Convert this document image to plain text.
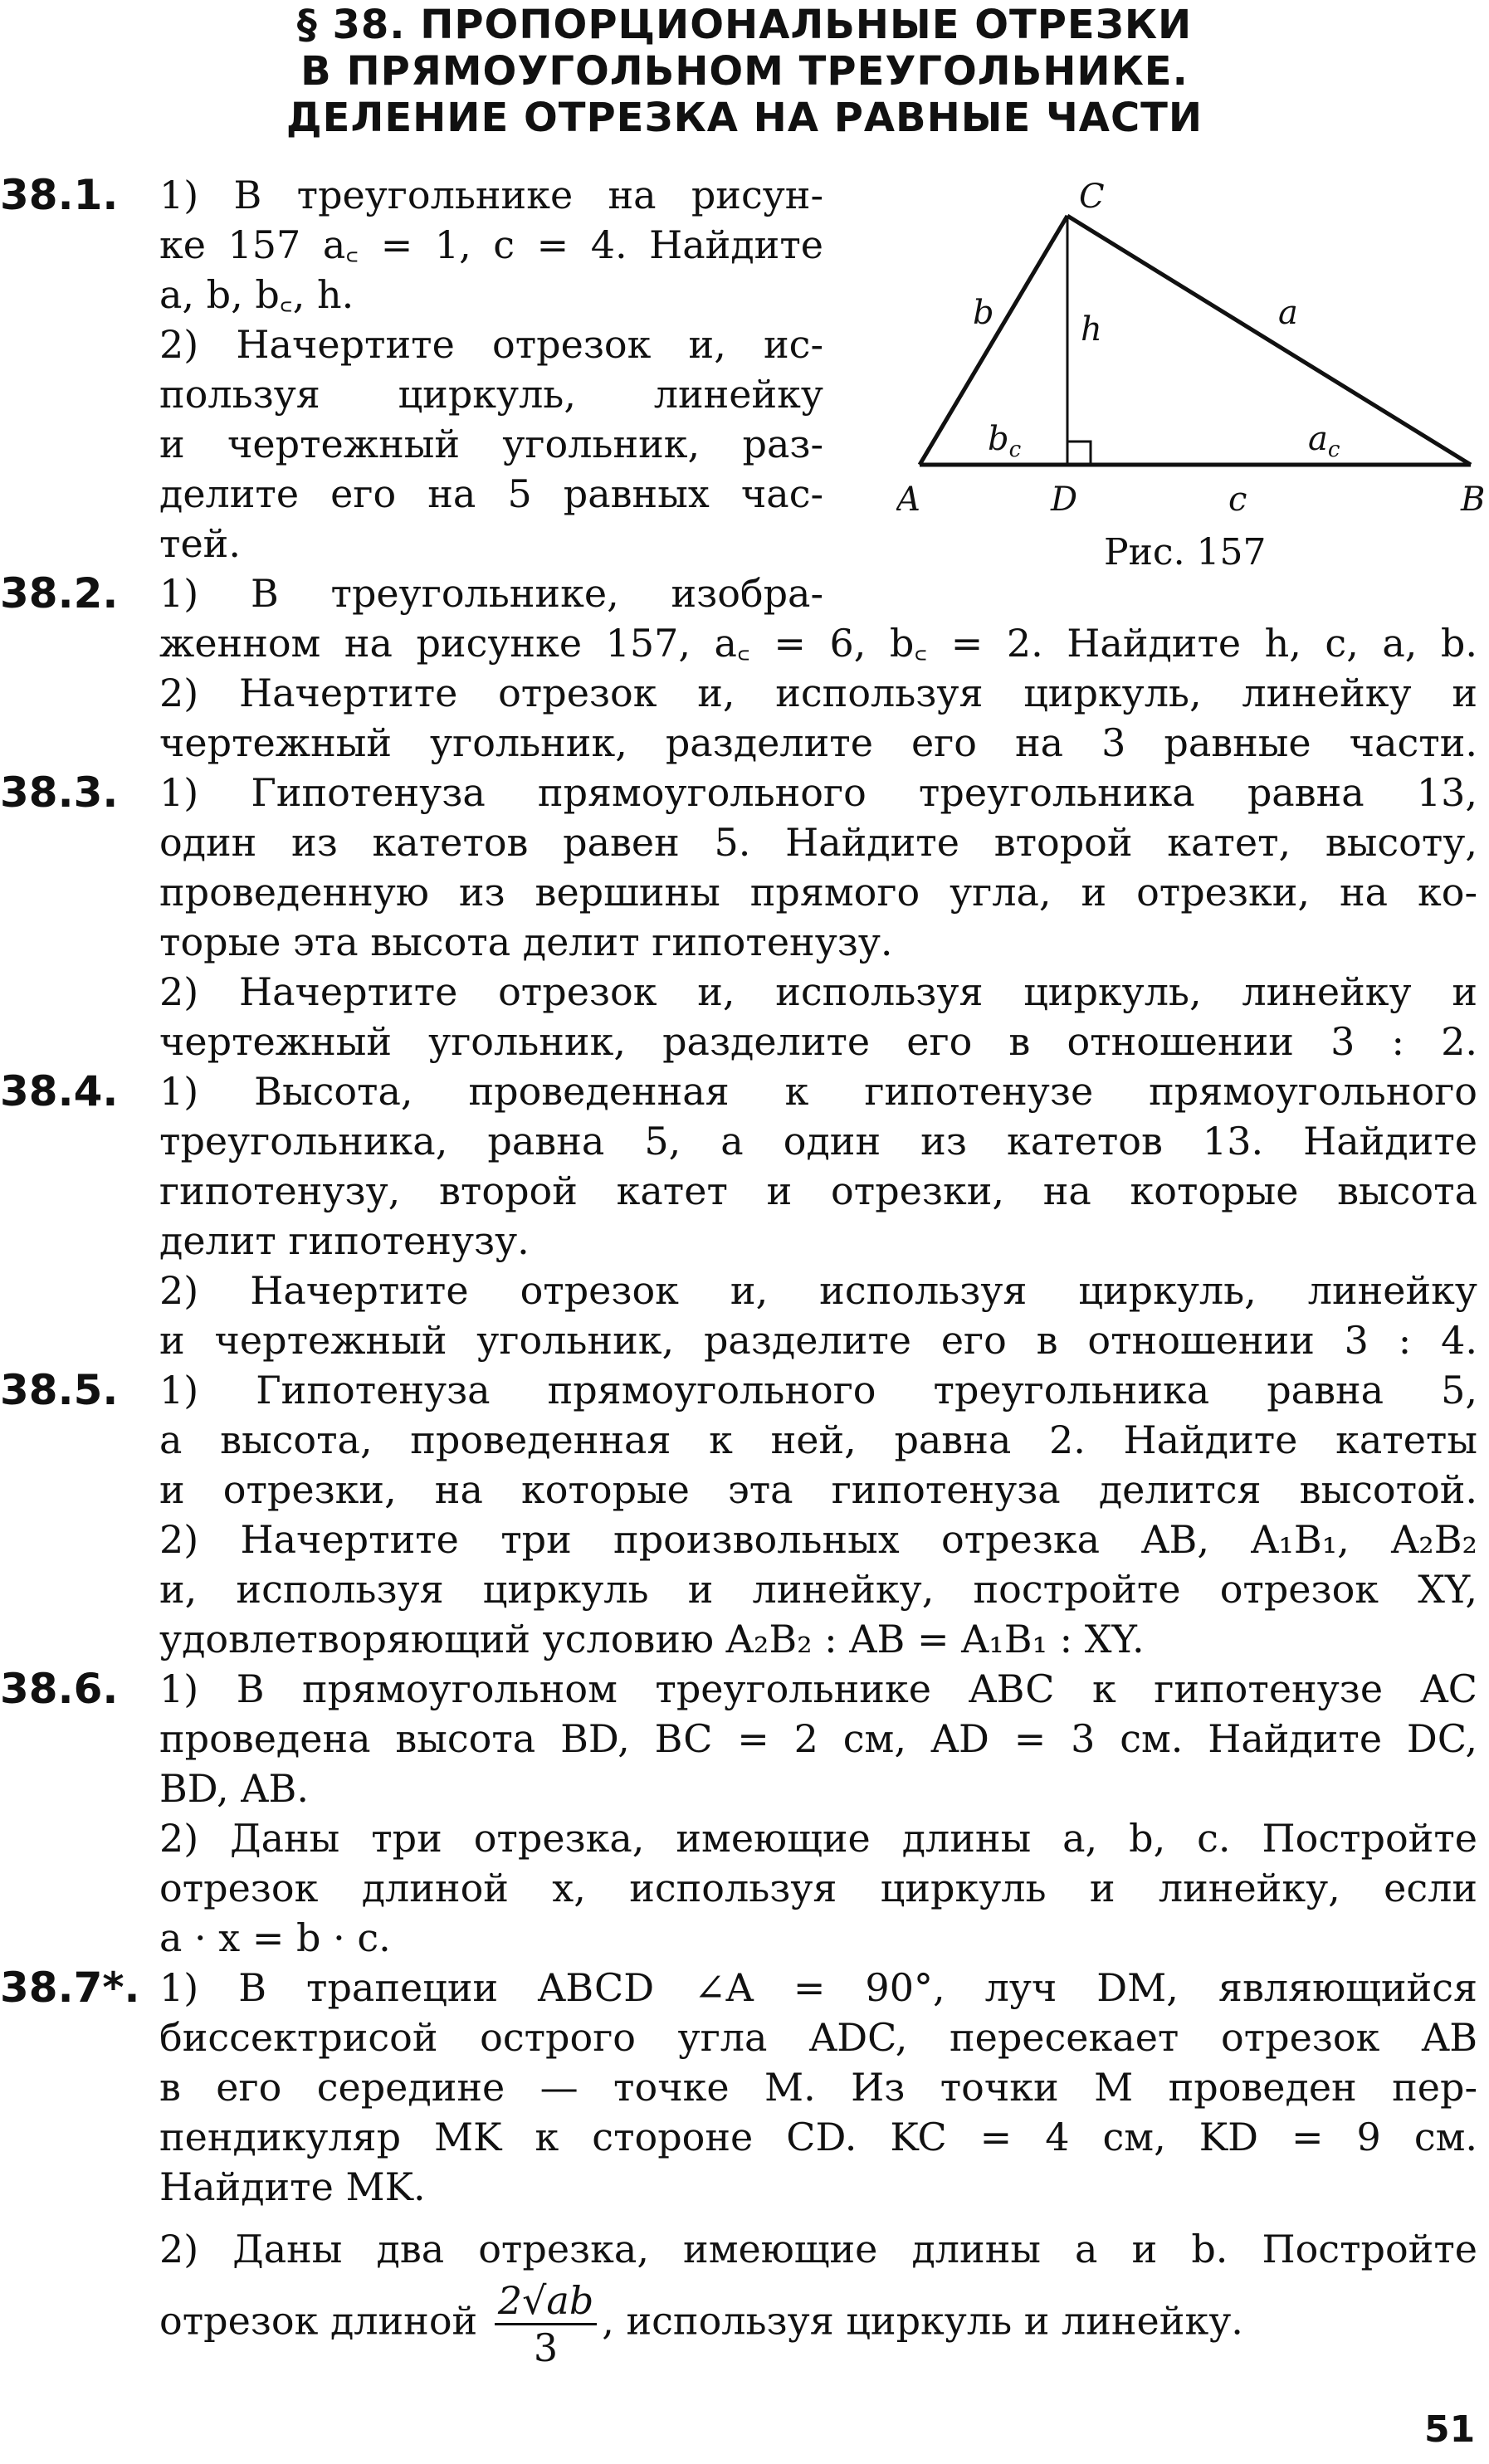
§ 38. ПРОПОРЦИОНАЛЬНЫЕ ОТРЕЗКИ
В ПРЯМОУГОЛЬНОМ ТРЕУГОЛЬНИКЕ.
ДЕЛЕНИЕ ОТРЕЗКА НА РАВНЫЕ ЧАСТИ
C
A	D	c	B
b	h	a
$b_c$	$a_c$
Рис. 157
38.1. 1) В треугольнике на рисун-
ке 157 a꜀ = 1, c = 4. Найдите
a, b, b꜀, h.
2) Начертите отрезок и, ис-
пользуя циркуль, линейку
и чертежный угольник, раз-
делите его на 5 равных час-
тей.
38.2. 1) В треугольнике, изобра-
женном на рисунке 157, a꜀ = 6, b꜀ = 2. Найдите h, c, a, b.
2) Начертите отрезок и, используя циркуль, линейку и
чертежный угольник, разделите его на 3 равные части.
38.3. 1) Гипотенуза прямоугольного треугольника равна 13,
один из катетов равен 5. Найдите второй катет, высоту,
проведенную из вершины прямого угла, и отрезки, на ко-
торые эта высота делит гипотенузу.
2) Начертите отрезок и, используя циркуль, линейку и
чертежный угольник, разделите его в отношении 3 : 2.
38.4. 1) Высота, проведенная к гипотенузе прямоугольного
треугольника, равна 5, а один из катетов 13. Найдите
гипотенузу, второй катет и отрезки, на которые высота
делит гипотенузу.
2) Начертите отрезок и, используя циркуль, линейку
и чертежный угольник, разделите его в отношении 3 : 4.
38.5. 1) Гипотенуза прямоугольного треугольника равна 5,
а высота, проведенная к ней, равна 2. Найдите катеты
и отрезки, на которые эта гипотенуза делится высотой.
2) Начертите три произвольных отрезка AB, A₁B₁, A₂B₂
и, используя циркуль и линейку, постройте отрезок XY,
удовлетворяющий условию A₂B₂ : AB = A₁B₁ : XY.
38.6. 1) В прямоугольном треугольнике ABC к гипотенузе AC
проведена высота BD, BC = 2 см, AD = 3 см. Найдите DC,
BD, AB.
2) Даны три отрезка, имеющие длины a, b, c. Постройте
отрезок длиной x, используя циркуль и линейку, если
a · x = b · c.
38.7*. 1) В трапеции ABCD ∠A = 90°, луч DM, являющийся
биссектрисой острого угла ADC, пересекает отрезок AB
в его середине — точке M. Из точки M проведен пер-
пендикуляр MK к стороне CD. KC = 4 см, KD = 9 см.
Найдите MK.
2) Даны два отрезка, имеющие длины a и b. Постройте
отрезок длиной $\frac{2√ab}{3}$ , используя циркуль и линейку.
51
